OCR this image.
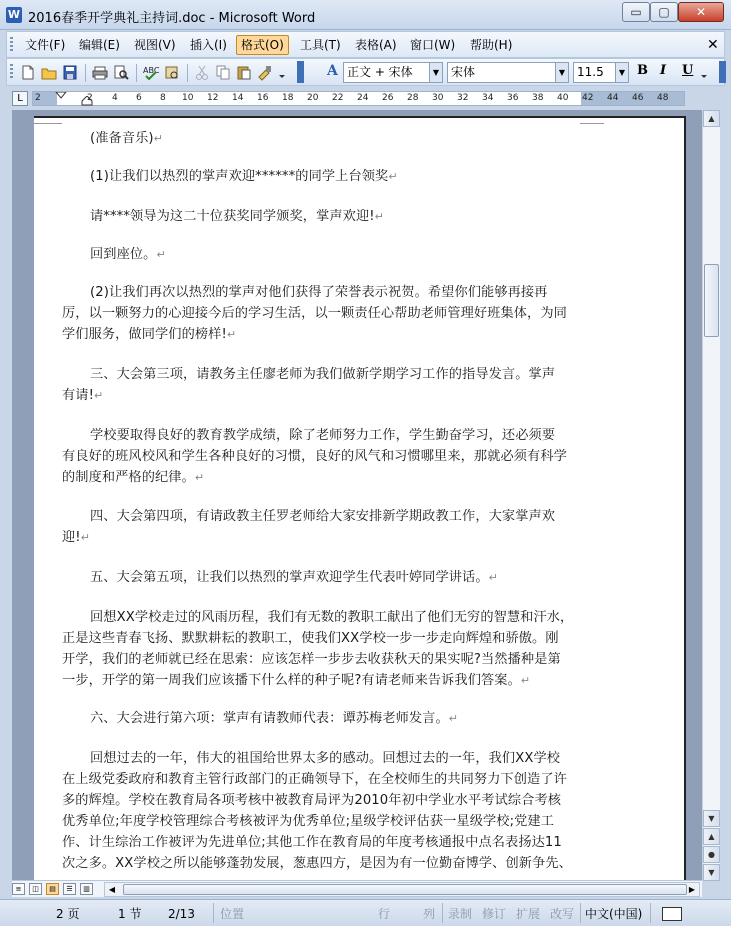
W 2016春季开学典礼主持词.doc - Microsoft Word	▭	▢	✕
文件(F)	编辑(E)	视图(V)	插入(I)	格式(O)	工具(T)	表格(A)	窗口(W)	帮助(H)	✕
ABC	A 正文 + 宋体	▼ 宋体	▼ 11.5	▼ B I U
L	2	2 4 6 8 10 12 14 16 18 20 22 24 26 28 30 32 34 36 38 40 42 44 46 48
(准备音乐)↵
(1)让我们以热烈的掌声欢迎******的同学上台领奖↵
请****领导为这二十位获奖同学颁奖，掌声欢迎!↵
回到座位。↵
(2)让我们再次以热烈的掌声对他们获得了荣誉表示祝贺。希望你们能够再接再
厉，以一颗努力的心迎接今后的学习生活，以一颗责任心帮助老师管理好班集体，为同
学们服务，做同学们的榜样!↵
三、大会第三项，请教务主任廖老师为我们做新学期学习工作的指导发言。掌声
有请!↵
学校要取得良好的教育教学成绩，除了老师努力工作，学生勤奋学习，还必须要
有良好的班风校风和学生各种良好的习惯，良好的风气和习惯哪里来，那就必须有科学
的制度和严格的纪律。↵
四、大会第四项，有请政教主任罗老师给大家安排新学期政教工作，大家掌声欢
迎!↵
五、大会第五项，让我们以热烈的掌声欢迎学生代表叶婷同学讲话。↵
回想XX学校走过的风雨历程，我们有无数的教职工献出了他们无穷的智慧和汗水，
正是这些青春飞扬、默默耕耘的教职工，使我们XX学校一步一步走向辉煌和骄傲。刚
开学，我们的老师就已经在思索：应该怎样一步步去收获秋天的果实呢?当然播种是第
一步，开学的第一周我们应该播下什么样的种子呢?有请老师来告诉我们答案。↵
六、大会进行第六项：掌声有请教师代表：谭苏梅老师发言。↵
回想过去的一年，伟大的祖国给世界太多的感动。回想过去的一年，我们XX学校
在上级党委政府和教育主管行政部门的正确领导下，在全校师生的共同努力下创造了许
多的辉煌。学校在教育局各项考核中被教育局评为2010年初中学业水平考试综合考核
优秀单位;年度学校管理综合考核被评为优秀单位;星级学校评估获一星级学校;党建工
作、计生综治工作被评为先进单位;其他工作在教育局的年度考核通报中点名表扬达11
次之多。XX学校之所以能够蓬勃发展，葱惠四方，是因为有一位勤奋博学、创新争先、
▲
▼
▲
●
▼
≡	◫	▤	☰	▥	◀	▶
2 页	1 节 2/13 位置	行	列 录制 修订 扩展 改写 中文(中国)
